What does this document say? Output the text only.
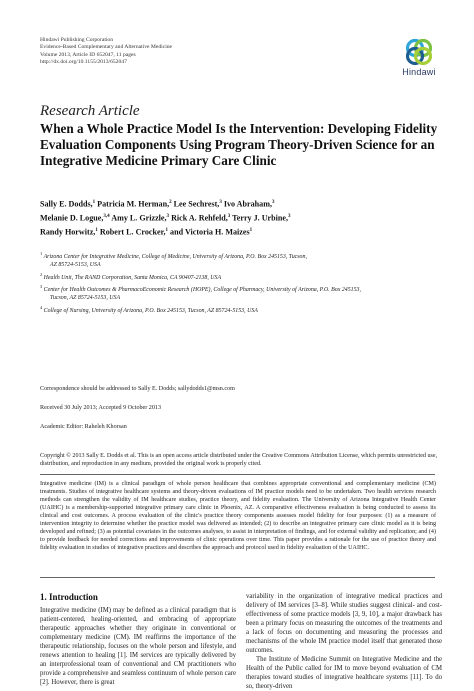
Hindawi Publishing Corporation
Evidence-Based Complementary and Alternative Medicine
Volume 2013, Article ID 652047, 11 pages
http://dx.doi.org/10.1155/2013/652047
Hindawi
Research Article
When a Whole Practice Model Is the Intervention: Developing Fidelity Evaluation Components Using Program Theory-Driven Science for an Integrative Medicine Primary Care Clinic
Sally E. Dodds,$^1$ Patricia M. Herman,$^2$ Lee Sechrest,$^3$ Ivo Abraham,$^3$
Melanie D. Logue,$^{3,4}$ Amy L. Grizzle,$^3$ Rick A. Rehfeld,$^3$ Terry J. Urbine,$^3$
Randy Horwitz,$^1$ Robert L. Crocker,$^1$ and Victoria H. Maizes$^1$
$^1$ Arizona Center for Integrative Medicine, College of Medicine, University of Arizona, P.O. Box 245153, Tucson,
AZ 85724-5153, USA
$^2$ Health Unit, The RAND Corporation, Santa Monica, CA 90407-2138, USA
$^3$ Center for Health Outcomes & PharmacoEconomic Research (HOPE), College of Pharmacy, University of Arizona, P.O. Box 245153,
Tucson, AZ 85724-5153, USA
$^4$ College of Nursing, University of Arizona, P.O. Box 245153, Tucson, AZ 85724-5153, USA
Correspondence should be addressed to Sally E. Dodds; sallydodds1@msn.com
Received 30 July 2013; Accepted 9 October 2013
Academic Editor: Raheleh Khorsan
Copyright © 2013 Sally E. Dodds et al. This is an open access article distributed under the Creative Commons Attribution License, which permits unrestricted use, distribution, and reproduction in any medium, provided the original work is properly cited.
Integrative medicine (IM) is a clinical paradigm of whole person healthcare that combines appropriate conventional and complementary medicine (CM) treatments. Studies of integrative healthcare systems and theory-driven evaluations of IM practice models need to be undertaken. Two health services research methods can strengthen the validity of IM healthcare studies, practice theory, and fidelity evaluation. The University of Arizona Integrative Health Center (UAIHC) is a membership-supported integrative primary care clinic in Phoenix, AZ. A comparative effectiveness evaluation is being conducted to assess its clinical and cost outcomes. A process evaluation of the clinic's practice theory components assesses model fidelity for four purposes: (1) as a measure of intervention integrity to determine whether the practice model was delivered as intended; (2) to describe an integrative primary care clinic model as it is being developed and refined; (3) as potential covariates in the outcomes analyses, to assist in interpretation of findings, and for external validity and replication; and (4) to provide feedback for needed corrections and improvements of clinic operations over time. This paper provides a rationale for the use of practice theory and fidelity evaluation in studies of integrative practices and describes the approach and protocol used in fidelity evaluation of the UAIHC.
1. Introduction

Integrative medicine (IM) may be defined as a clinical paradigm that is patient-centered, healing-oriented, and embracing of appropriate therapeutic approaches whether they originate in conventional or complementary medicine (CM). IM reaffirms the importance of the therapeutic relationship, focuses on the whole person and lifestyle, and renews attention to healing [1]. IM services are typically delivered by an interprofessional team of conventional and CM practitioners who provide a comprehensive and seamless continuum of whole person care [2]. However, there is great

variability in the organization of integrative medical practices and delivery of IM services [3–8]. While studies suggest clinical- and cost-effectiveness of some practice models [3, 9, 10], a major drawback has been a primary focus on measuring the outcomes of the treatments and a lack of focus on documenting and measuring the processes and mechanisms of the whole IM practice model itself that generated those outcomes.

The Institute of Medicine Summit on Integrative Medicine and the Health of the Public called for IM to move beyond evaluation of CM therapies toward studies of integrative healthcare systems [11]. To do so, theory-driven
